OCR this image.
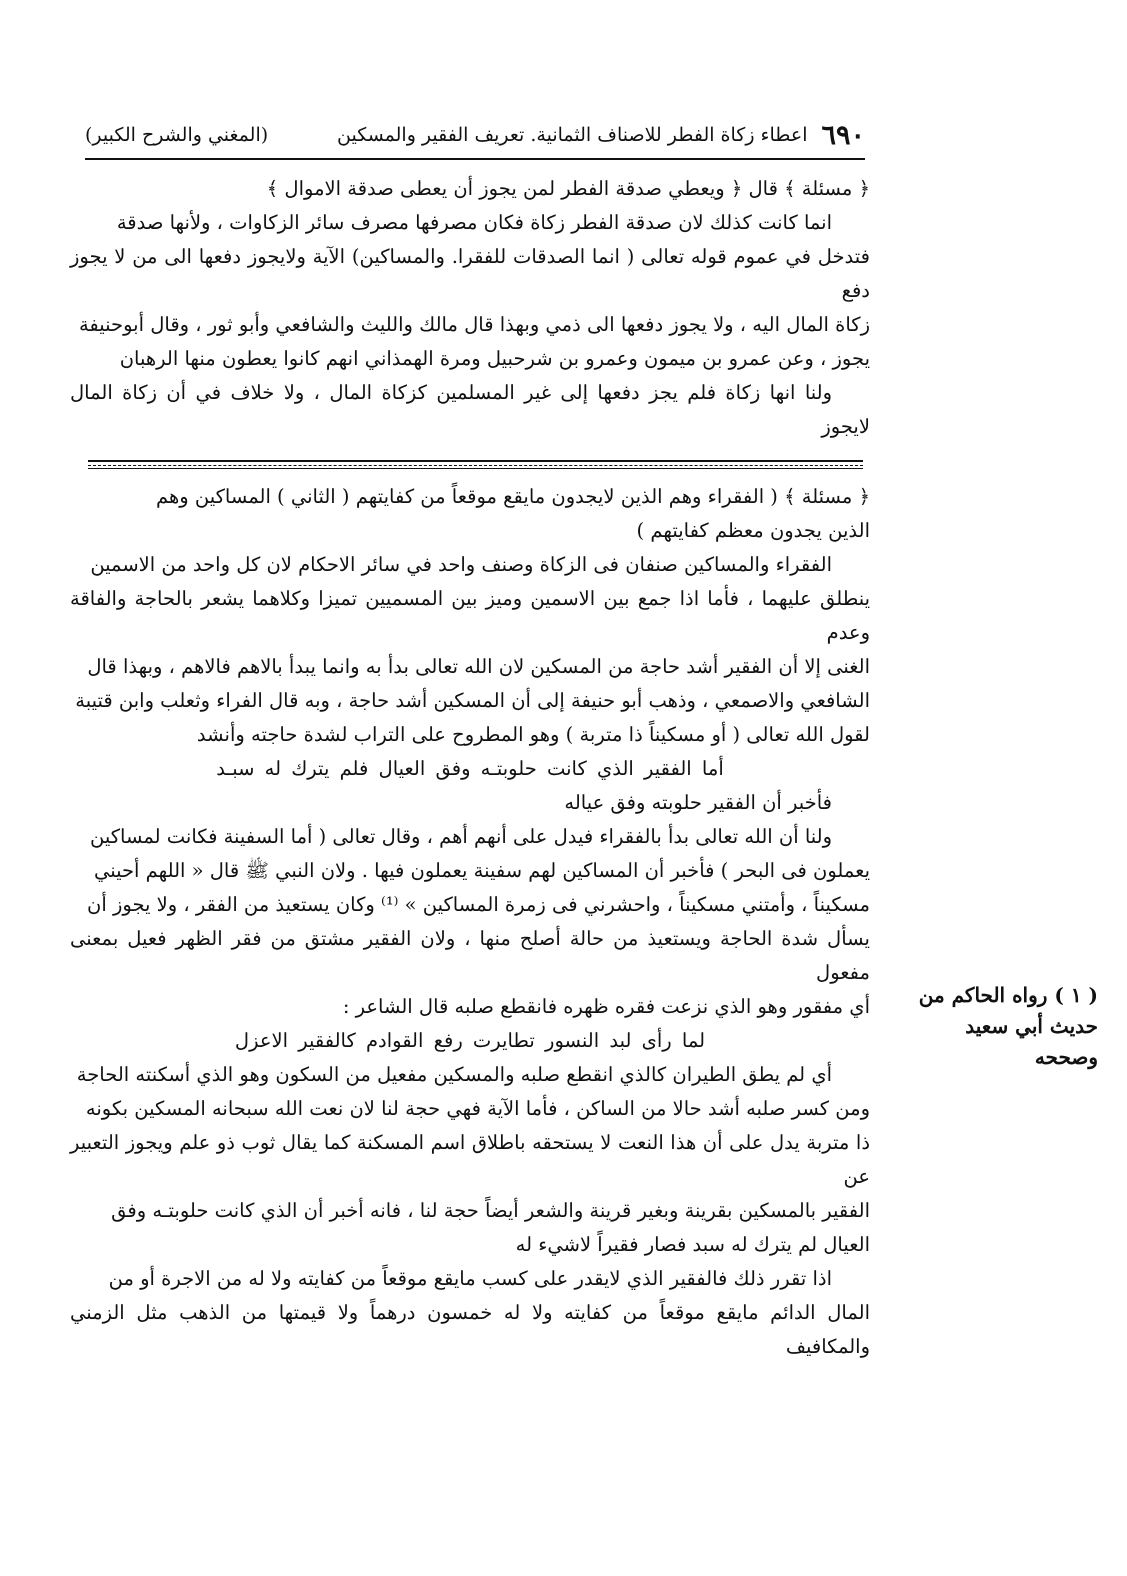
٦٩٠
اعطاء زكاة الفطر للاصناف الثمانية. تعريف الفقير والمسكين
(المغني والشرح الكبير)

﴿ مسئلة ﴾ قال ﴿ ويعطي صدقة الفطر لمن يجوز أن يعطى صدقة الاموال ﴾

انما كانت كذلك لان صدقة الفطر زكاة فكان مصرفها مصرف سائر الزكاوات ، ولأنها صدقة

فتدخل في عموم قوله تعالى ( انما الصدقات للفقرا. والمساكين) الآية ولايجوز دفعها الى من لا يجوز دفع

زكاة المال اليه ، ولا يجوز دفعها الى ذمي وبهذا قال مالك والليث والشافعي وأبو ثور ، وقال أبوحنيفة

يجوز ، وعن عمرو بن ميمون وعمرو بن شرحبيل ومرة الهمذاني انهم كانوا يعطون منها الرهبان

ولنا انها زكاة فلم يجز دفعها إلى غير المسلمين كزكاة المال ، ولا خلاف في أن زكاة المال لايجوز

﴿ مسئلة ﴾ ( الفقراء وهم الذين لايجدون مايقع موقعاً من كفايتهم ( الثاني ) المساكين وهم

الذين يجدون معظم كفايتهم )

الفقراء والمساكين صنفان فى الزكاة وصنف واحد في سائر الاحكام لان كل واحد من الاسمين

ينطلق عليهما ، فأما اذا جمع بين الاسمين وميز بين المسميين تميزا وكلاهما يشعر بالحاجة والفاقة وعدم

الغنى إلا أن الفقير أشد حاجة من المسكين لان الله تعالى بدأ به وانما يبدأ بالاهم فالاهم ، وبهذا قال

الشافعي والاصمعي ، وذهب أبو حنيفة إلى أن المسكين أشد حاجة ، وبه قال الفراء وثعلب وابن قتيبة

لقول الله تعالى ( أو مسكيناً ذا متربة ) وهو المطروح على التراب لشدة حاجته وأنشد

أما الفقير الذي كانت حلوبتـه وفق العيال فلم يترك له سبـد

فأخبر أن الفقير حلوبته وفق عياله

ولنا أن الله تعالى بدأ بالفقراء فيدل على أنهم أهم ، وقال تعالى ( أما السفينة فكانت لمساكين

يعملون فى البحر ) فأخبر أن المساكين لهم سفينة يعملون فيها . ولان النبي ﷺ قال « اللهم أحيني

مسكيناً ، وأمتني مسكيناً ، واحشرني فى زمرة المساكين » ⁽¹⁾ وكان يستعيذ من الفقر ، ولا يجوز أن

يسأل شدة الحاجة ويستعيذ من حالة أصلح منها ، ولان الفقير مشتق من فقر الظهر فعيل بمعنى مفعول

أي مفقور وهو الذي نزعت فقره ظهره فانقطع صلبه قال الشاعر :

لما رأى لبد النسور تطايرت رفع القوادم كالفقير الاعزل

أي لم يطق الطيران كالذي انقطع صلبه والمسكين مفعيل من السكون وهو الذي أسكنته الحاجة

ومن كسر صلبه أشد حالا من الساكن ، فأما الآية فهي حجة لنا لان نعت الله سبحانه المسكين بكونه

ذا متربة يدل على أن هذا النعت لا يستحقه باطلاق اسم المسكنة كما يقال ثوب ذو علم ويجوز التعبير عن

الفقير بالمسكين بقرينة وبغير قرينة والشعر أيضاً حجة لنا ، فانه أخبر أن الذي كانت حلوبتـه وفق

العيال لم يترك له سبد فصار فقيراً لاشيء له

اذا تقرر ذلك فالفقير الذي لايقدر على كسب مايقع موقعاً من كفايته ولا له من الاجرة أو من

المال الدائم مايقع موقعاً من كفايته ولا له خمسون درهماً ولا قيمتها من الذهب مثل الزمني والمكافيف

( ١ ) رواه الحاكم من
حديث أبي سعيد
وصححه
